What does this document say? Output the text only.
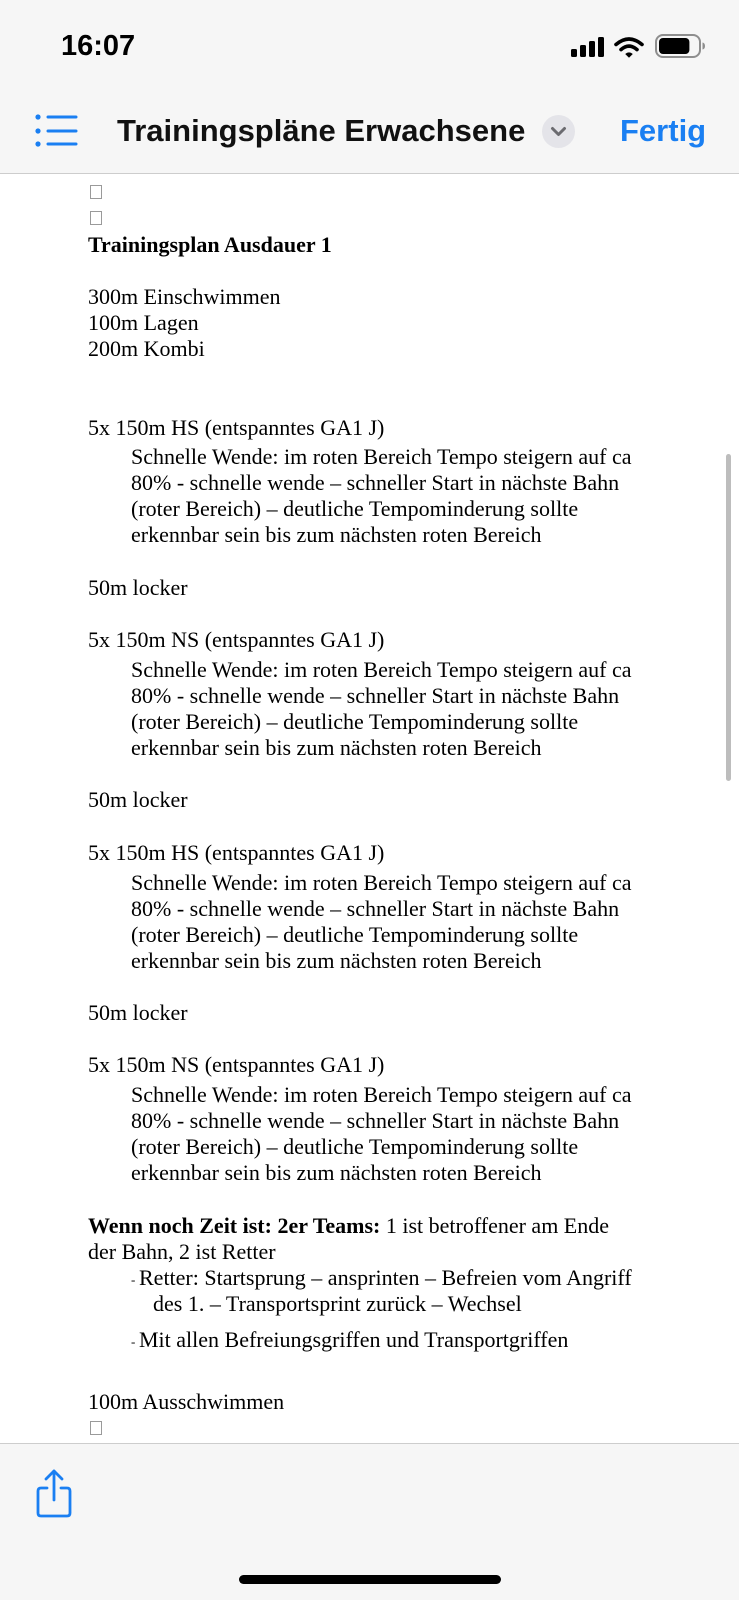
16:07
Trainingspläne Erwachsene	Fertig
Trainingsplan Ausdauer 1
300m Einschwimmen
100m Lagen
200m Kombi
5x 150m HS (entspanntes GA1 J)
Schnelle Wende: im roten Bereich Tempo steigern auf ca
80% - schnelle wende – schneller Start in nächste Bahn
(roter Bereich) – deutliche Tempominderung sollte
erkennbar sein bis zum nächsten roten Bereich
50m locker
5x 150m NS (entspanntes GA1 J)
Schnelle Wende: im roten Bereich Tempo steigern auf ca
80% - schnelle wende – schneller Start in nächste Bahn
(roter Bereich) – deutliche Tempominderung sollte
erkennbar sein bis zum nächsten roten Bereich
50m locker
5x 150m HS (entspanntes GA1 J)
Schnelle Wende: im roten Bereich Tempo steigern auf ca
80% - schnelle wende – schneller Start in nächste Bahn
(roter Bereich) – deutliche Tempominderung sollte
erkennbar sein bis zum nächsten roten Bereich
50m locker
5x 150m NS (entspanntes GA1 J)
Schnelle Wende: im roten Bereich Tempo steigern auf ca
80% - schnelle wende – schneller Start in nächste Bahn
(roter Bereich) – deutliche Tempominderung sollte
erkennbar sein bis zum nächsten roten Bereich
Wenn noch Zeit ist: 2er Teams: 1 ist betroffener am Ende
der Bahn, 2 ist Retter
- Retter: Startsprung – ansprinten – Befreien vom Angriff
des 1. – Transportsprint zurück – Wechsel
- Mit allen Befreiungsgriffen und Transportgriffen
100m Ausschwimmen
